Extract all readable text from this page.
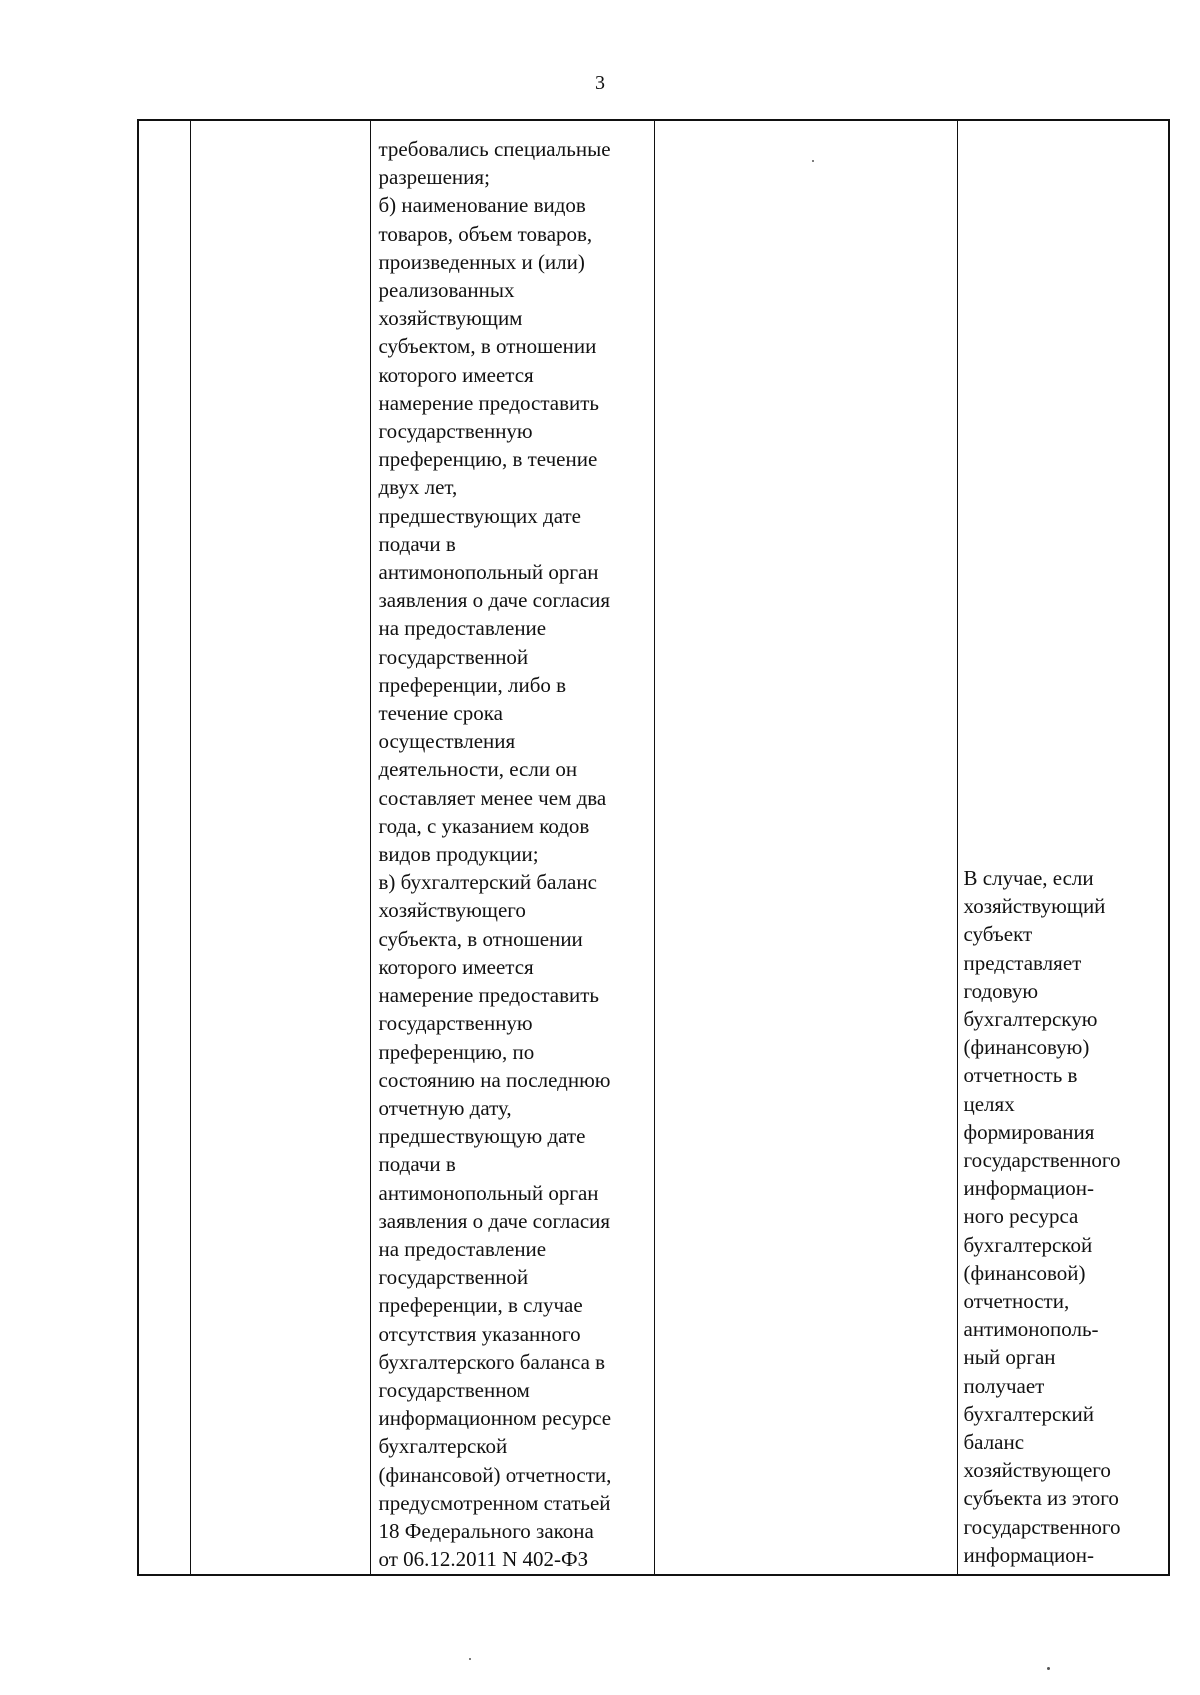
3

требовались специальные
разрешения;
б) наименование видов
товаров, объем товаров,
произведенных и (или)
реализованных
хозяйствующим
субъектом, в отношении
которого имеется
намерение предоставить
государственную
преференцию, в течение
двух лет,
предшествующих дате
подачи в
антимонопольный орган
заявления о даче согласия
на предоставление
государственной
преференции, либо в
течение срока
осуществления
деятельности, если он
составляет менее чем два
года, с указанием кодов
видов продукции;
в) бухгалтерский баланс
хозяйствующего
субъекта, в отношении
которого имеется
намерение предоставить
государственную
преференцию, по
состоянию на последнюю
отчетную дату,
предшествующую дате
подачи в
антимонопольный орган
заявления о даче согласия
на предоставление
государственной
преференции, в случае
отсутствия указанного
бухгалтерского баланса в
государственном
информационном ресурсе
бухгалтерской
(финансовой) отчетности,
предусмотренном статьей
18 Федерального закона
от 06.12.2011 N 402-ФЗ

В случае, если
хозяйствующий
субъект
представляет
годовую
бухгалтерскую
(финансовую)
отчетность в
целях
формирования
государственного
информацион-
ного ресурса
бухгалтерской
(финансовой)
отчетности,
антимонополь-
ный орган
получает
бухгалтерский
баланс
хозяйствующего
субъекта из этого
государственного
информацион-
